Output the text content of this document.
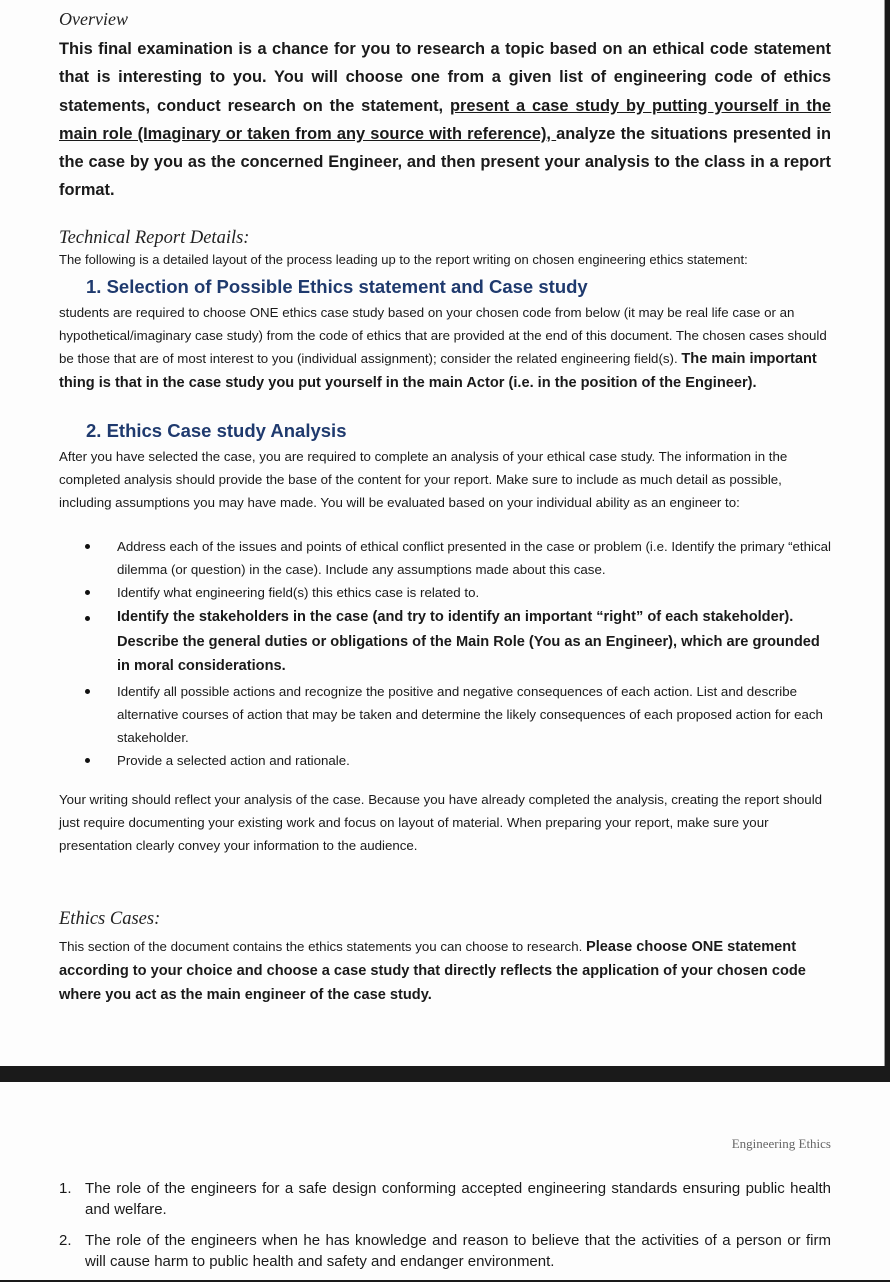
Overview

This final examination is a chance for you to research a topic based on an ethical code statement that is interesting to you. You will choose one from a given list of engineering code of ethics statements, conduct research on the statement, present a case study by putting yourself in the main role (Imaginary or taken from any source with reference), analyze the situations presented in the case by you as the concerned Engineer, and then present your analysis to the class in a report format.

Technical Report Details:
The following is a detailed layout of the process leading up to the report writing on chosen engineering ethics statement:
1. Selection of Possible Ethics statement and Case study

students are required to choose ONE ethics case study based on your chosen code from below (it may be real life case or an hypothetical/imaginary case study) from the code of ethics that are provided at the end of this document. The chosen cases should be those that are of most interest to you (individual assignment); consider the related engineering field(s). The main important thing is that in the case study you put yourself in the main Actor (i.e. in the position of the Engineer).

2. Ethics Case study Analysis

After you have selected the case, you are required to complete an analysis of your ethical case study. The information in the completed analysis should provide the base of the content for your report. Make sure to include as much detail as possible, including assumptions you may have made. You will be evaluated based on your individual ability as an engineer to:

Address each of the issues and points of ethical conflict presented in the case or problem (i.e. Identify the primary “ethical dilemma (or question) in the case). Include any assumptions made about this case.
Identify what engineering field(s) this ethics case is related to.
Identify the stakeholders in the case (and try to identify an important “right” of each stakeholder). Describe the general duties or obligations of the Main Role (You as an Engineer), which are grounded in moral considerations.
Identify all possible actions and recognize the positive and negative consequences of each action. List and describe alternative courses of action that may be taken and determine the likely consequences of each proposed action for each stakeholder.
Provide a selected action and rationale.

Your writing should reflect your analysis of the case. Because you have already completed the analysis, creating the report should just require documenting your existing work and focus on layout of material. When preparing your report, make sure your presentation clearly convey your information to the audience.

Ethics Cases:

This section of the document contains the ethics statements you can choose to research. Please choose ONE statement according to your choice and choose a case study that directly reflects the application of your chosen code where you act as the main engineer of the case study.

Engineering Ethics
1. The role of the engineers for a safe design conforming accepted engineering standards ensuring public health and welfare.
2. The role of the engineers when he has knowledge and reason to believe that the activities of a person or firm will cause harm to public health and safety and endanger environment.
